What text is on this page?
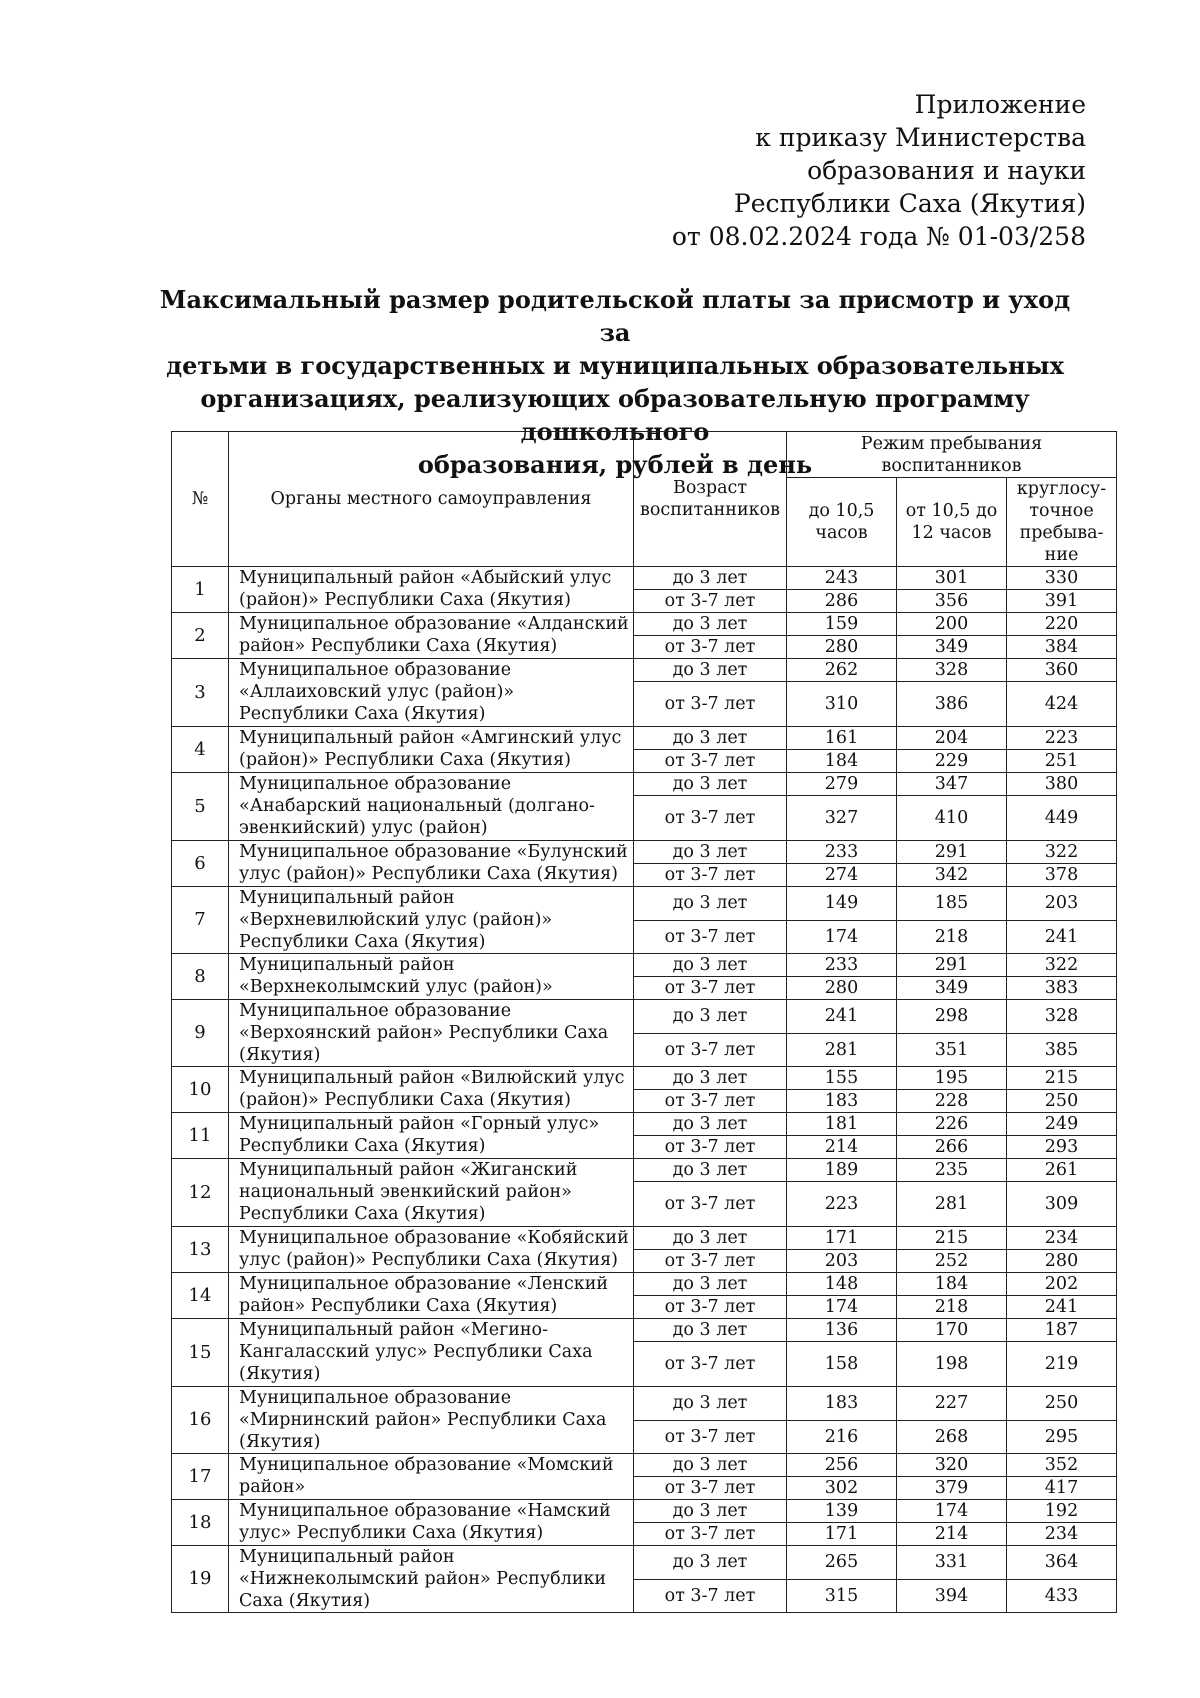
Приложение
к приказу Министерства
образования и науки
Республики Саха (Якутия)
от 08.02.2024 года № 01-03/258
Максимальный размер родительской платы за присмотр и уход за
детьми в государственных и муниципальных образовательных
организациях, реализующих образовательную программу дошкольного
образования, рублей в день
№	Органы местного самоуправления	Возраст воспитанников	Режим пребывания воспитанников		
			до 10,5 часов	от 10,5 до 12 часов	круглосу-точное пребыва-ние
1	Муниципальный район «Абыйский улус (район)» Республики Саха (Якутия)	до 3 лет	243	301	330
		от 3-7 лет	286	356	391
2	Муниципальное образование «Алданский район» Республики Саха (Якутия)	до 3 лет	159	200	220
		от 3-7 лет	280	349	384
3	Муниципальное образование «Аллаиховский улус (район)» Республики Саха (Якутия)	до 3 лет	262	328	360
		от 3-7 лет	310	386	424
4	Муниципальный район «Амгинский улус (район)» Республики Саха (Якутия)	до 3 лет	161	204	223
		от 3-7 лет	184	229	251
5	Муниципальное образование «Анабарский национальный (долгано-эвенкийский) улус (район)	до 3 лет	279	347	380
		от 3-7 лет	327	410	449
6	Муниципальное образование «Булунский улус (район)» Республики Саха (Якутия)	до 3 лет	233	291	322
		от 3-7 лет	274	342	378
7	Муниципальный район «Верхневилюйский улус (район)» Республики Саха (Якутия)	до 3 лет	149	185	203
		от 3-7 лет	174	218	241
8	Муниципальный район «Верхнеколымский улус (район)»	до 3 лет	233	291	322
		от 3-7 лет	280	349	383
9	Муниципальное образование «Верхоянский район» Республики Саха (Якутия)	до 3 лет	241	298	328
		от 3-7 лет	281	351	385
10	Муниципальный район «Вилюйский улус (район)» Республики Саха (Якутия)	до 3 лет	155	195	215
		от 3-7 лет	183	228	250
11	Муниципальный район «Горный улус» Республики Саха (Якутия)	до 3 лет	181	226	249
		от 3-7 лет	214	266	293
12	Муниципальный район «Жиганский национальный эвенкийский район» Республики Саха (Якутия)	до 3 лет	189	235	261
		от 3-7 лет	223	281	309
13	Муниципальное образование «Кобяйский улус (район)» Республики Саха (Якутия)	до 3 лет	171	215	234
		от 3-7 лет	203	252	280
14	Муниципальное образование «Ленский район» Республики Саха (Якутия)	до 3 лет	148	184	202
		от 3-7 лет	174	218	241
15	Муниципальный район «Мегино-Кангаласский улус» Республики Саха (Якутия)	до 3 лет	136	170	187
		от 3-7 лет	158	198	219
16	Муниципальное образование «Мирнинский район» Республики Саха (Якутия)	до 3 лет	183	227	250
		от 3-7 лет	216	268	295
17	Муниципальное образование «Момский район»	до 3 лет	256	320	352
		от 3-7 лет	302	379	417
18	Муниципальное образование «Намский улус» Республики Саха (Якутия)	до 3 лет	139	174	192
		от 3-7 лет	171	214	234
19	Муниципальный район «Нижнеколымский район» Республики Саха (Якутия)	до 3 лет	265	331	364
		от 3-7 лет	315	394	433
